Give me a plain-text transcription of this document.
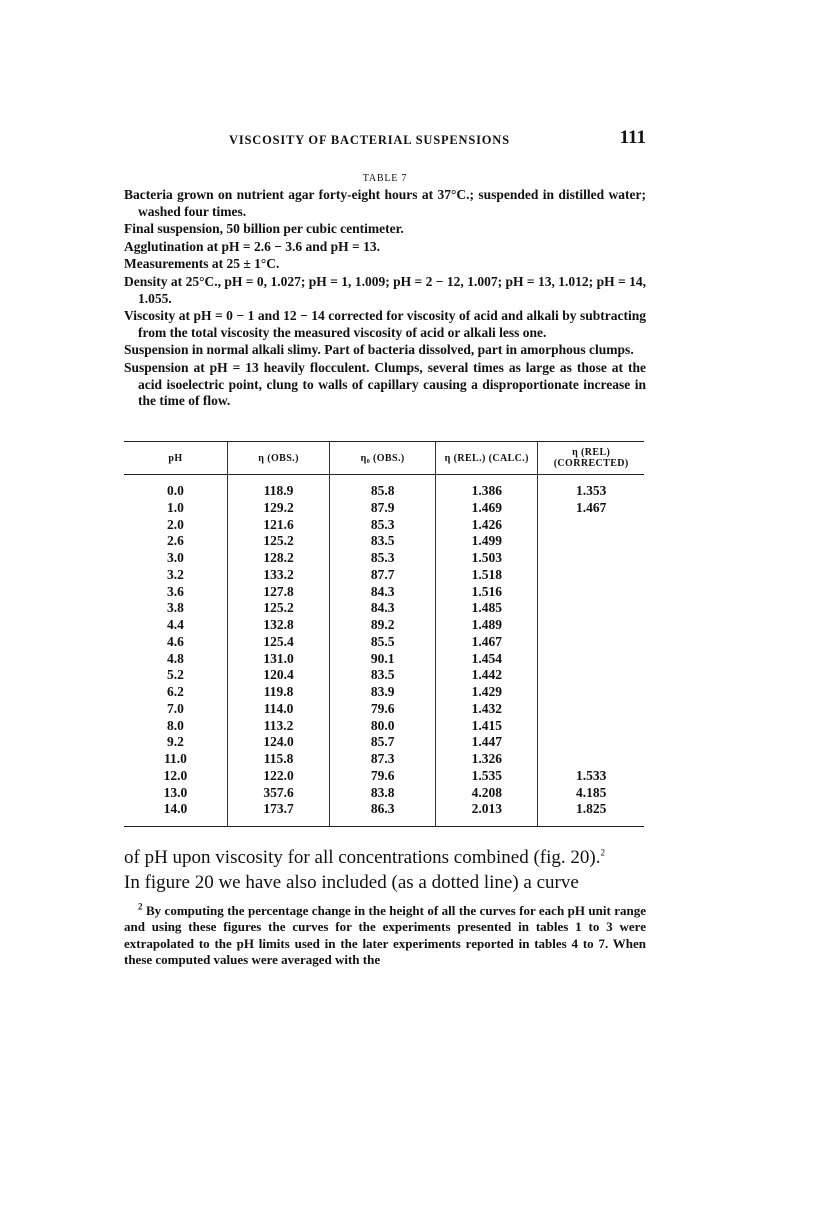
VISCOSITY OF BACTERIAL SUSPENSIONS	111
TABLE 7

Bacteria grown on nutrient agar forty-eight hours at 37°C.; suspended in distilled water; washed four times.

Final suspension, 50 billion per cubic centimeter.

Agglutination at pH = 2.6 − 3.6 and pH = 13.

Measurements at 25 ± 1°C.

Density at 25°C., pH = 0, 1.027; pH = 1, 1.009; pH = 2 − 12, 1.007; pH = 13, 1.012; pH = 14, 1.055.

Viscosity at pH = 0 − 1 and 12 − 14 corrected for viscosity of acid and alkali by subtracting from the total viscosity the measured viscosity of acid or alkali less one.

Suspension in normal alkali slimy. Part of bacteria dissolved, part in amorphous clumps.

Suspension at pH = 13 heavily flocculent. Clumps, several times as large as those at the acid isoelectric point, clung to walls of capillary causing a disproportionate increase in the time of flow.

pH	η (OBS.)	η₀ (OBS.)	η (REL.) (CALC.)	η (REL) (CORRECTED)
0.0	118.9	85.8	1.386	1.353
1.0	129.2	87.9	1.469	1.467
2.0	121.6	85.3	1.426	
2.6	125.2	83.5	1.499	
3.0	128.2	85.3	1.503	
3.2	133.2	87.7	1.518	
3.6	127.8	84.3	1.516	
3.8	125.2	84.3	1.485	
4.4	132.8	89.2	1.489	
4.6	125.4	85.5	1.467	
4.8	131.0	90.1	1.454	
5.2	120.4	83.5	1.442	
6.2	119.8	83.9	1.429	
7.0	114.0	79.6	1.432	
8.0	113.2	80.0	1.415	
9.2	124.0	85.7	1.447	
11.0	115.8	87.3	1.326	
12.0	122.0	79.6	1.535	1.533
13.0	357.6	83.8	4.208	4.185
14.0	173.7	86.3	2.013	1.825

of pH upon viscosity for all concentrations combined (fig. 20).$^2$

In figure 20 we have also included (as a dotted line) a curve

$^2$ By computing the percentage change in the height of all the curves for each pH unit range and using these figures the curves for the experiments presented in tables 1 to 3 were extrapolated to the pH limits used in the later experiments reported in tables 4 to 7. When these computed values were averaged with the
